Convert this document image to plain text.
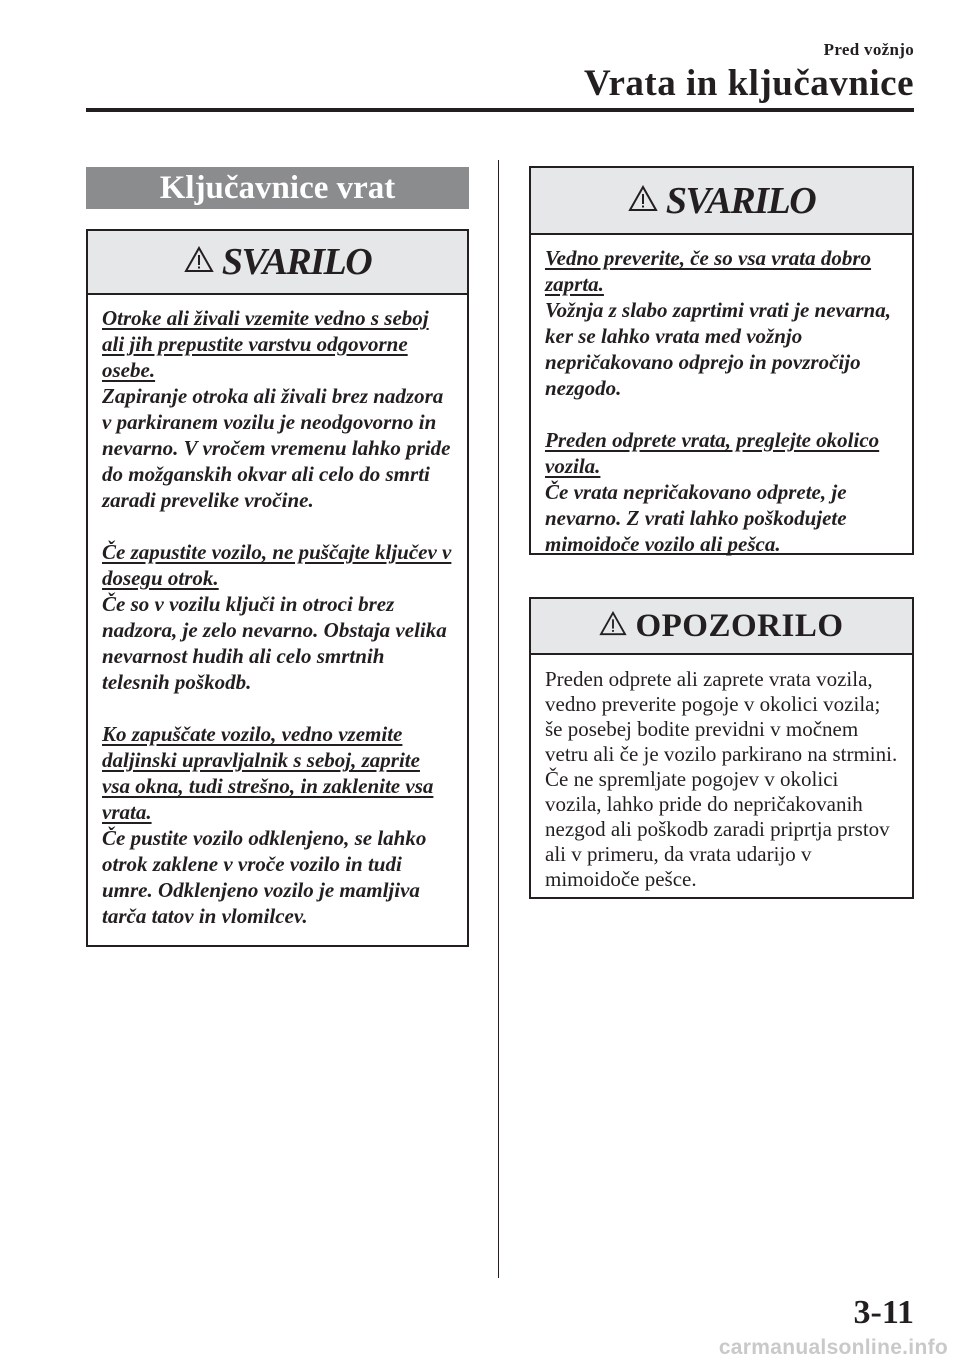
Pred vožnjo
Vrata in ključavnice
Ključavnice vrat
SVARILO
Otroke ali živali vzemite vedno s seboj ali jih prepustite varstvu odgovorne osebe.
Zapiranje otroka ali živali brez nadzora v parkiranem vozilu je neodgovorno in nevarno. V vročem vremenu lahko pride do možganskih okvar ali celo do smrti zaradi prevelike vročine.
Če zapustite vozilo, ne puščajte ključev v dosegu otrok.
Če so v vozilu ključi in otroci brez nadzora, je zelo nevarno. Obstaja velika nevarnost hudih ali celo smrtnih telesnih poškodb.
Ko zapuščate vozilo, vedno vzemite daljinski upravljalnik s seboj, zaprite vsa okna, tudi strešno, in zaklenite vsa vrata.
Če pustite vozilo odklenjeno, se lahko otrok zaklene v vroče vozilo in tudi umre. Odklenjeno vozilo je mamljiva tarča tatov in vlomilcev.
SVARILO
Vedno preverite, če so vsa vrata dobro zaprta.
Vožnja z slabo zaprtimi vrati je nevarna, ker se lahko vrata med vožnjo nepričakovano odprejo in povzročijo nezgodo.
Preden odprete vrata, preglejte okolico vozila.
Če vrata nepričakovano odprete, je nevarno. Z vrati lahko poškodujete mimoidoče vozilo ali pešca.
OPOZORILO
Preden odprete ali zaprete vrata vozila, vedno preverite pogoje v okolici vozila; še posebej bodite previdni v močnem vetru ali če je vozilo parkirano na strmini. Če ne spremljate pogojev v okolici vozila, lahko pride do nepričakovanih nezgod ali poškodb zaradi priprtja prstov ali v primeru, da vrata udarijo v mimoidoče pešce.
3-11
carmanualsonline.info
